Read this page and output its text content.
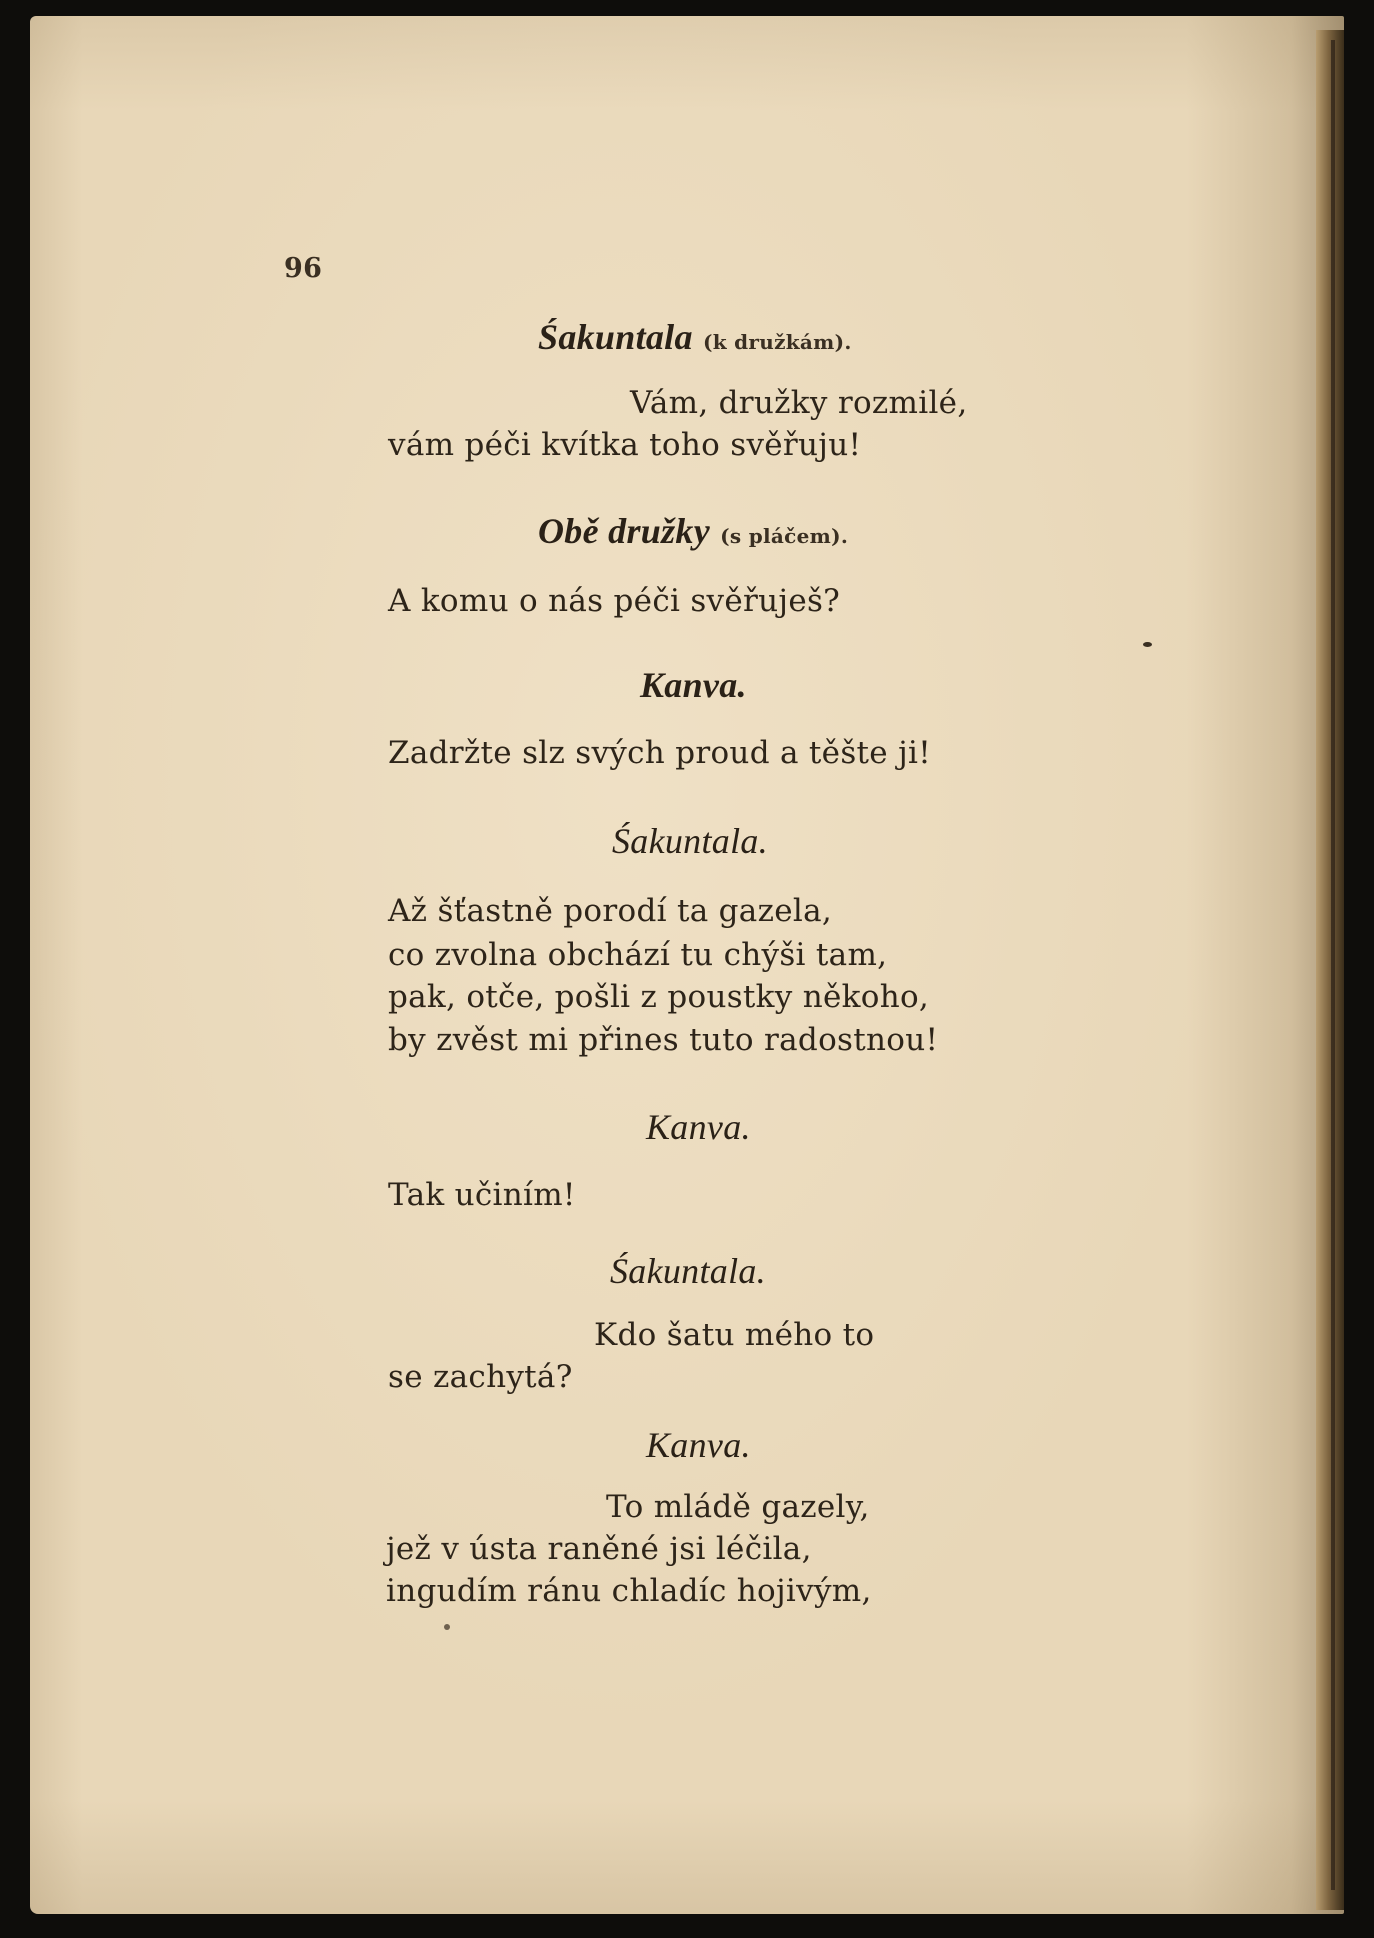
96
Śakuntala (k družkám).
Vám, družky rozmilé,
vám péči kvítka toho svěřuju!
Obě družky (s pláčem).
A komu o nás péči svěřuješ?
Kanva.
Zadržte slz svých proud a těšte ji!
Śakuntala.
Až šťastně porodí ta gazela,
co zvolna obchází tu chýši tam,
pak, otče, pošli z poustky někoho,
by zvěst mi přines tuto radostnou!
Kanva.
Tak učiním!
Śakuntala.
Kdo šatu mého to
se zachytá?
Kanva.
To mládě gazely,
jež v ústa raněné jsi léčila,
ingudím ránu chladíc hojivým,
